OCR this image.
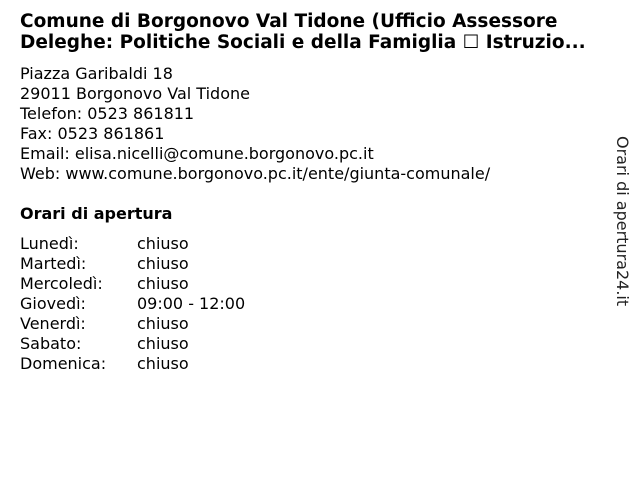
Comune di Borgonovo Val Tidone (Ufficio Assessore
Deleghe: Politiche Sociali e della Famiglia ☐ Istruzio...
Piazza Garibaldi 18
29011 Borgonovo Val Tidone
Telefon: 0523 861811
Fax: 0523 861861
Email: elisa.nicelli@comune.borgonovo.pc.it
Web: www.comune.borgonovo.pc.it/ente/giunta-comunale/
Orari di apertura
Lunedì:	chiuso
Martedì:	chiuso
Mercoledì:	chiuso
Giovedì:	09:00 - 12:00
Venerdì:	chiuso
Sabato:	chiuso
Domenica:	chiuso
Orari di apertura24.it
